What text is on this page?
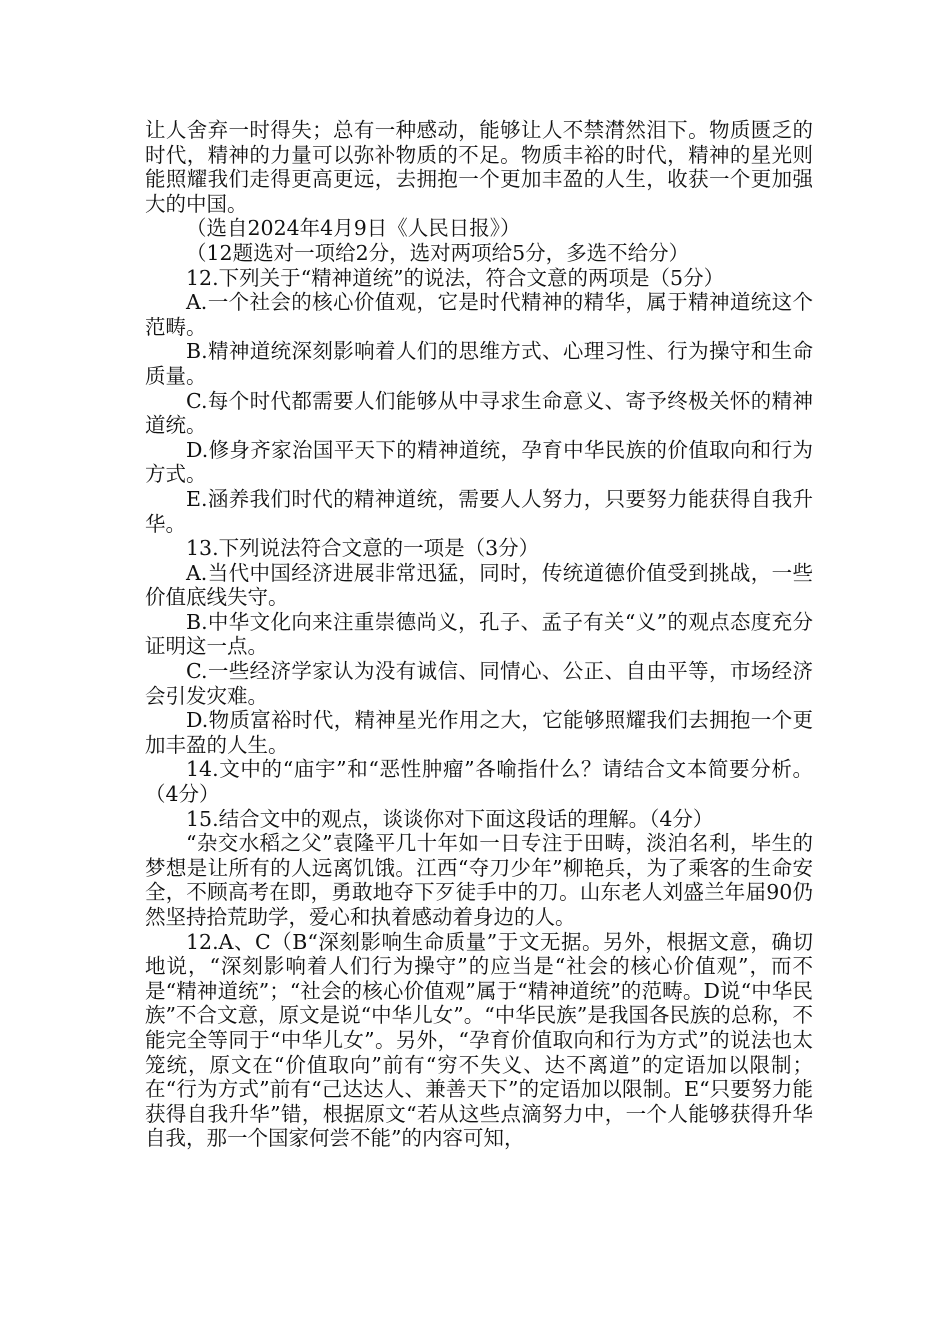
让人舍弃一时得失；总有一种感动，能够让人不禁潸然泪下。物质匮乏的时代，精神的力量可以弥补物质的不足。物质丰裕的时代，精神的星光则能照耀我们走得更高更远，去拥抱一个更加丰盈的人生，收获一个更加强大的中国。

（选自2024年4月9日《人民日报》）

（12题选对一项给2分，选对两项给5分，多选不给分）

12.下列关于“精神道统”的说法，符合文意的两项是（5分）

A.一个社会的核心价值观，它是时代精神的精华，属于精神道统这个范畴。

B.精神道统深刻影响着人们的思维方式、心理习性、行为操守和生命质量。

C.每个时代都需要人们能够从中寻求生命意义、寄予终极关怀的精神道统。

D.修身齐家治国平天下的精神道统，孕育中华民族的价值取向和行为方式。

E.涵养我们时代的精神道统，需要人人努力，只要努力能获得自我升华。

13.下列说法符合文意的一项是（3分）

A.当代中国经济进展非常迅猛，同时，传统道德价值受到挑战，一些价值底线失守。

B.中华文化向来注重崇德尚义，孔子、孟子有关“义”的观点态度充分证明这一点。

C.一些经济学家认为没有诚信、同情心、公正、自由平等，市场经济会引发灾难。

D.物质富裕时代，精神星光作用之大，它能够照耀我们去拥抱一个更加丰盈的人生。

14.文中的“庙宇”和“恶性肿瘤”各喻指什么？请结合文本简要分析。（4分）

15.结合文中的观点，谈谈你对下面这段话的理解。（4分）

“杂交水稻之父”袁隆平几十年如一日专注于田畴，淡泊名利，毕生的梦想是让所有的人远离饥饿。江西“夺刀少年”柳艳兵，为了乘客的生命安全，不顾高考在即，勇敢地夺下歹徒手中的刀。山东老人刘盛兰年届90仍然坚持拾荒助学，爱心和执着感动着身边的人。

12.A、C（B“深刻影响生命质量”于文无据。另外，根据文意，确切地说，“深刻影响着人们行为操守”的应当是“社会的核心价值观”，而不是“精神道统”；“社会的核心价值观”属于“精神道统”的范畴。D说“中华民族”不合文意，原文是说“中华儿女”。“中华民族”是我国各民族的总称，不能完全等同于“中华儿女”。另外，“孕育价值取向和行为方式”的说法也太笼统，原文在“价值取向”前有“穷不失义、达不离道”的定语加以限制；在“行为方式”前有“己达达人、兼善天下”的定语加以限制。E“只要努力能获得自我升华”错，根据原文“若从这些点滴努力中，一个人能够获得升华自我，那一个国家何尝不能”的内容可知，
